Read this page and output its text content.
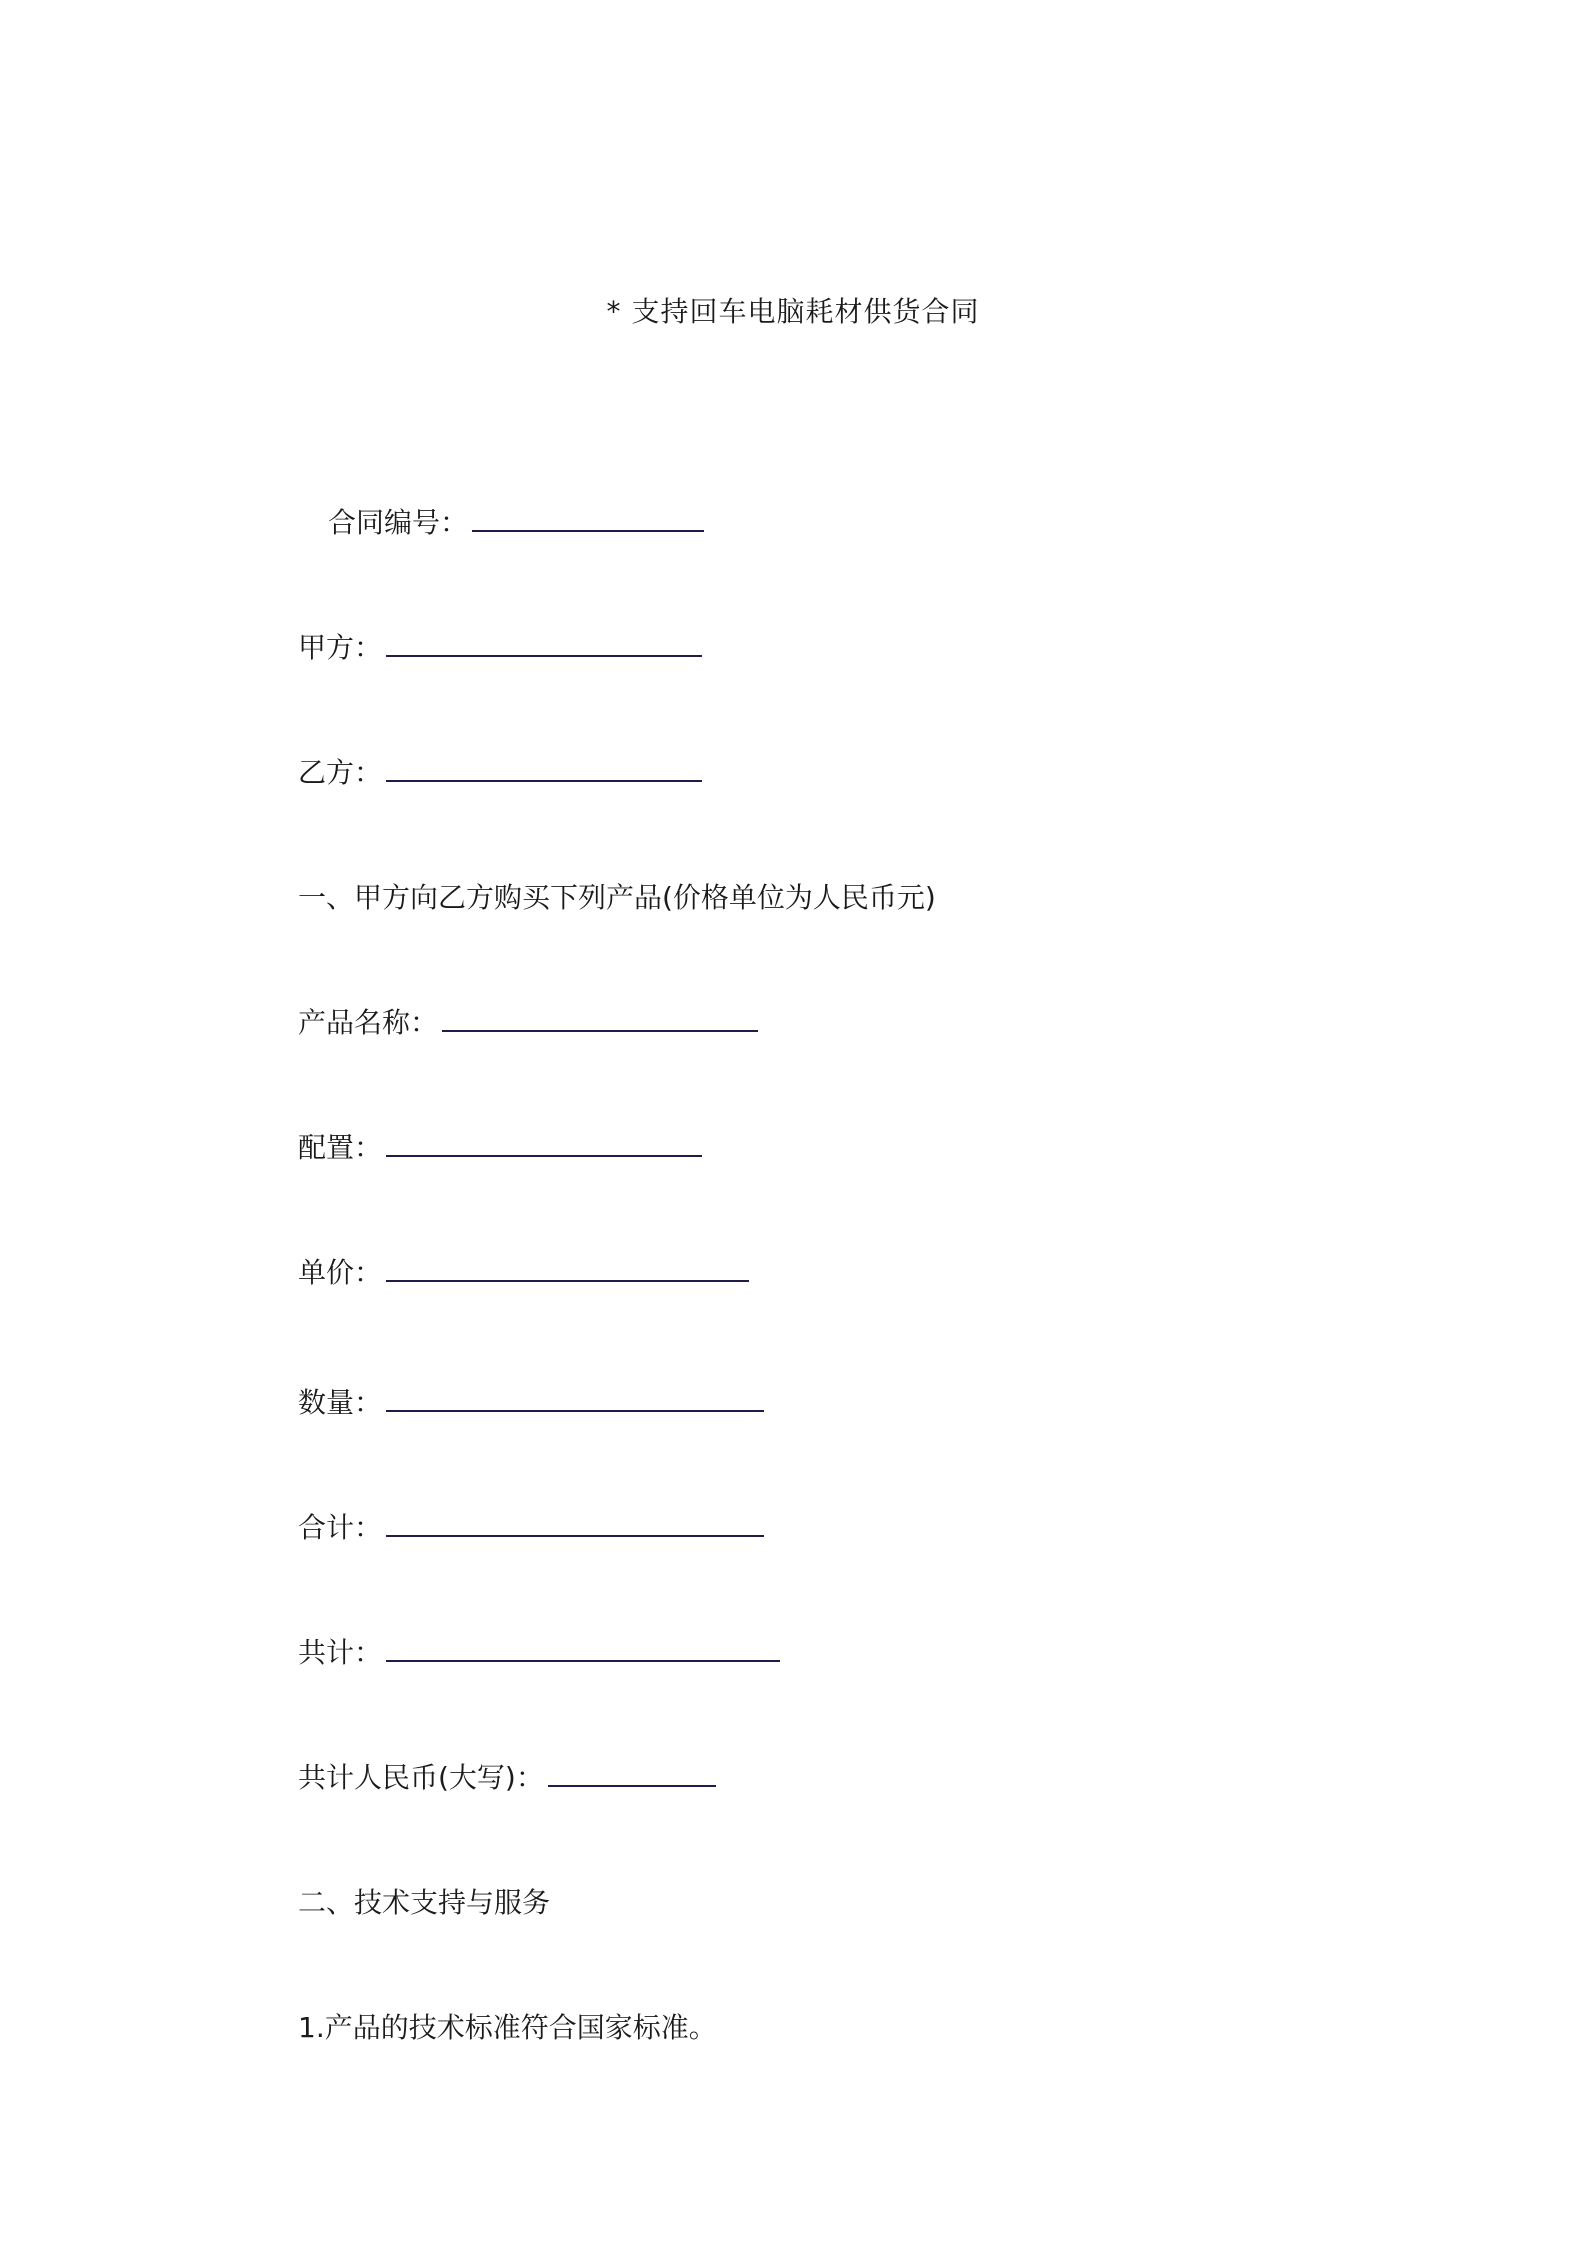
* 支持回车电脑耗材供货合同
合同编号：
甲方：
乙方：
一、甲方向乙方购买下列产品(价格单位为人民币元)
产品名称：
配置：
单价：
数量：
合计：
共计：
共计人民币(大写)：
二、技术支持与服务
1.产品的技术标准符合国家标准。
